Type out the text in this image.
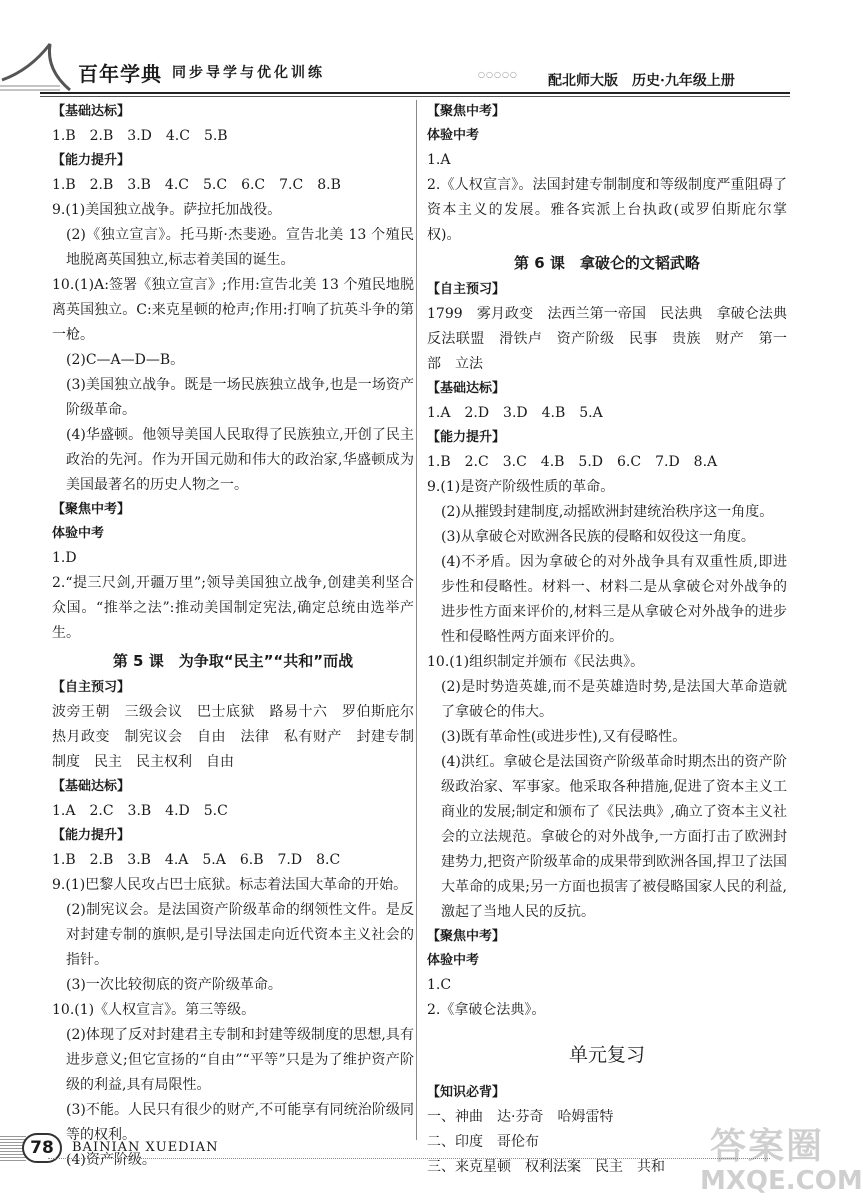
百年学典 同步导学与优化训练	○○○○○ 配北师大版　历史·九年级上册
【基础达标】
1.B　2.B　3.D　4.C　5.B
【能力提升】
1.B　2.B　3.B　4.C　5.C　6.C　7.C　8.B
9.(1)美国独立战争。萨拉托加战役。
(2)《独立宣言》。托马斯·杰斐逊。宣告北美 13 个殖民地脱离英国独立,标志着美国的诞生。
10.(1)A:签署《独立宣言》;作用:宣告北美 13 个殖民地脱离英国独立。C:来克星顿的枪声;作用:打响了抗英斗争的第一枪。
(2)C—A—D—B。
(3)美国独立战争。既是一场民族独立战争,也是一场资产阶级革命。
(4)华盛顿。他领导美国人民取得了民族独立,开创了民主政治的先河。作为开国元勋和伟大的政治家,华盛顿成为美国最著名的历史人物之一。
【聚焦中考】
体验中考
1.D
2.“提三尺剑,开疆万里”;领导美国独立战争,创建美利坚合众国。“推举之法”:推动美国制定宪法,确定总统由选举产生。
第 5 课　为争取“民主”“共和”而战
【自主预习】
波旁王朝　三级会议　巴士底狱　路易十六　罗伯斯庇尔　热月政变　制宪议会　自由　法律　私有财产　封建专制制度　民主　民主权利　自由
【基础达标】
1.A　2.C　3.B　4.D　5.C
【能力提升】
1.B　2.B　3.B　4.A　5.A　6.B　7.D　8.C
9.(1)巴黎人民攻占巴士底狱。标志着法国大革命的开始。
(2)制宪议会。是法国资产阶级革命的纲领性文件。是反对封建专制的旗帜,是引导法国走向近代资本主义社会的指针。
(3)一次比较彻底的资产阶级革命。
10.(1)《人权宣言》。第三等级。
(2)体现了反对封建君主专制和封建等级制度的思想,具有进步意义;但它宣扬的“自由”“平等”只是为了维护资产阶级的利益,具有局限性。
(3)不能。人民只有很少的财产,不可能享有同统治阶级同等的权利。
(4)资产阶级。
【聚焦中考】
体验中考
1.A
2.《人权宣言》。法国封建专制制度和等级制度严重阻碍了资本主义的发展。雅各宾派上台执政(或罗伯斯庇尔掌权)。
第 6 课　拿破仑的文韬武略
【自主预习】
1799　雾月政变　法西兰第一帝国　民法典　拿破仑法典　反法联盟　滑铁卢　资产阶级　民事　贵族　财产　第一部　立法
【基础达标】
1.A　2.D　3.D　4.B　5.A
【能力提升】
1.B　2.C　3.C　4.B　5.D　6.C　7.D　8.A
9.(1)是资产阶级性质的革命。
(2)从摧毁封建制度,动摇欧洲封建统治秩序这一角度。
(3)从拿破仑对欧洲各民族的侵略和奴役这一角度。
(4)不矛盾。因为拿破仑的对外战争具有双重性质,即进步性和侵略性。材料一、材料二是从拿破仑对外战争的进步性方面来评价的,材料三是从拿破仑对外战争的进步性和侵略性两方面来评价的。
10.(1)组织制定并颁布《民法典》。
(2)是时势造英雄,而不是英雄造时势,是法国大革命造就了拿破仑的伟大。
(3)既有革命性(或进步性),又有侵略性。
(4)洪红。拿破仑是法国资产阶级革命时期杰出的资产阶级政治家、军事家。他采取各种措施,促进了资本主义工商业的发展;制定和颁布了《民法典》,确立了资本主义社会的立法规范。拿破仑的对外战争,一方面打击了欧洲封建势力,把资产阶级革命的成果带到欧洲各国,捍卫了法国大革命的成果;另一方面也损害了被侵略国家人民的利益,激起了当地人民的反抗。
【聚焦中考】
体验中考
1.C
2.《拿破仑法典》。
单元复习
【知识必背】
一、神曲　达·芬奇　哈姆雷特
二、印度　哥伦布
三、来克星顿　权利法案　民主　共和
78	BAINIAN XUEDIAN	答案圈
MXQE.COM
